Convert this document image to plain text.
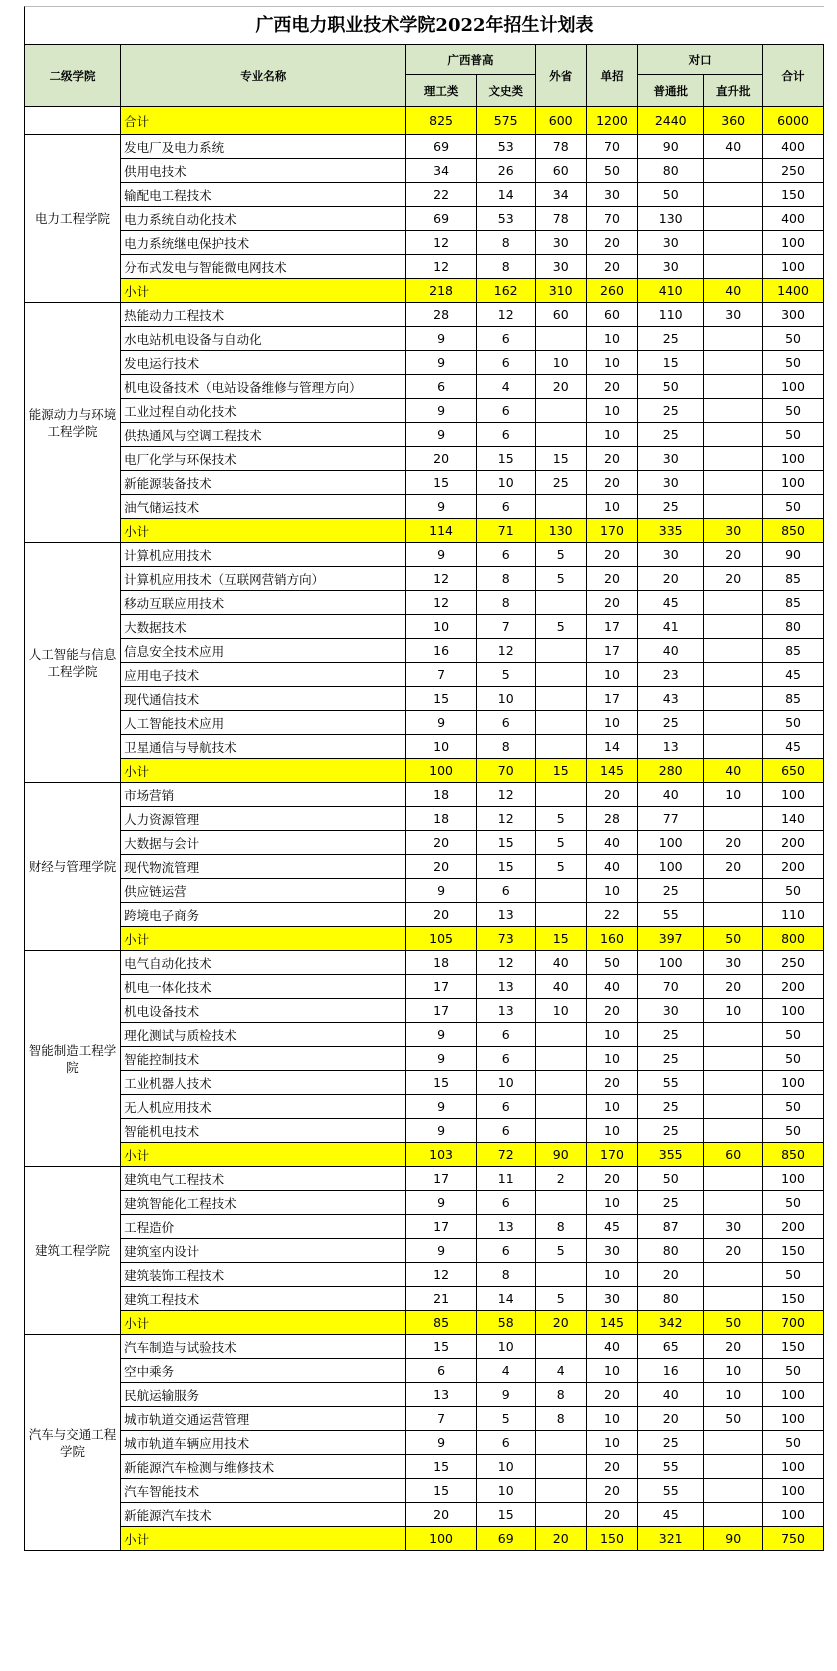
广西电力职业技术学院2022年招生计划表
二级学院	专业名称	广西普高		外省	单招	对口		合计
		理工类	文史类			普通批	直升批	
	合计	825	575	600	1200	2440	360	6000
电力工程学院	发电厂及电力系统	69	53	78	70	90	40	400
	供用电技术	34	26	60	50	80		250
	输配电工程技术	22	14	34	30	50		150
	电力系统自动化技术	69	53	78	70	130		400
	电力系统继电保护技术	12	8	30	20	30		100
	分布式发电与智能微电网技术	12	8	30	20	30		100
	小计	218	162	310	260	410	40	1400
能源动力与环境工程学院	热能动力工程技术	28	12	60	60	110	30	300
	水电站机电设备与自动化	9	6		10	25		50
	发电运行技术	9	6	10	10	15		50
	机电设备技术（电站设备维修与管理方向）	6	4	20	20	50		100
	工业过程自动化技术	9	6		10	25		50
	供热通风与空调工程技术	9	6		10	25		50
	电厂化学与环保技术	20	15	15	20	30		100
	新能源装备技术	15	10	25	20	30		100
	油气储运技术	9	6		10	25		50
	小计	114	71	130	170	335	30	850
人工智能与信息工程学院	计算机应用技术	9	6	5	20	30	20	90
	计算机应用技术（互联网营销方向）	12	8	5	20	20	20	85
	移动互联应用技术	12	8		20	45		85
	大数据技术	10	7	5	17	41		80
	信息安全技术应用	16	12		17	40		85
	应用电子技术	7	5		10	23		45
	现代通信技术	15	10		17	43		85
	人工智能技术应用	9	6		10	25		50
	卫星通信与导航技术	10	8		14	13		45
	小计	100	70	15	145	280	40	650
财经与管理学院	市场营销	18	12		20	40	10	100
	人力资源管理	18	12	5	28	77		140
	大数据与会计	20	15	5	40	100	20	200
	现代物流管理	20	15	5	40	100	20	200
	供应链运营	9	6		10	25		50
	跨境电子商务	20	13		22	55		110
	小计	105	73	15	160	397	50	800
智能制造工程学院	电气自动化技术	18	12	40	50	100	30	250
	机电一体化技术	17	13	40	40	70	20	200
	机电设备技术	17	13	10	20	30	10	100
	理化测试与质检技术	9	6		10	25		50
	智能控制技术	9	6		10	25		50
	工业机器人技术	15	10		20	55		100
	无人机应用技术	9	6		10	25		50
	智能机电技术	9	6		10	25		50
	小计	103	72	90	170	355	60	850
建筑工程学院	建筑电气工程技术	17	11	2	20	50		100
	建筑智能化工程技术	9	6		10	25		50
	工程造价	17	13	8	45	87	30	200
	建筑室内设计	9	6	5	30	80	20	150
	建筑装饰工程技术	12	8		10	20		50
	建筑工程技术	21	14	5	30	80		150
	小计	85	58	20	145	342	50	700
汽车与交通工程学院	汽车制造与试验技术	15	10		40	65	20	150
	空中乘务	6	4	4	10	16	10	50
	民航运输服务	13	9	8	20	40	10	100
	城市轨道交通运营管理	7	5	8	10	20	50	100
	城市轨道车辆应用技术	9	6		10	25		50
	新能源汽车检测与维修技术	15	10		20	55		100
	汽车智能技术	15	10		20	55		100
	新能源汽车技术	20	15		20	45		100
	小计	100	69	20	150	321	90	750
